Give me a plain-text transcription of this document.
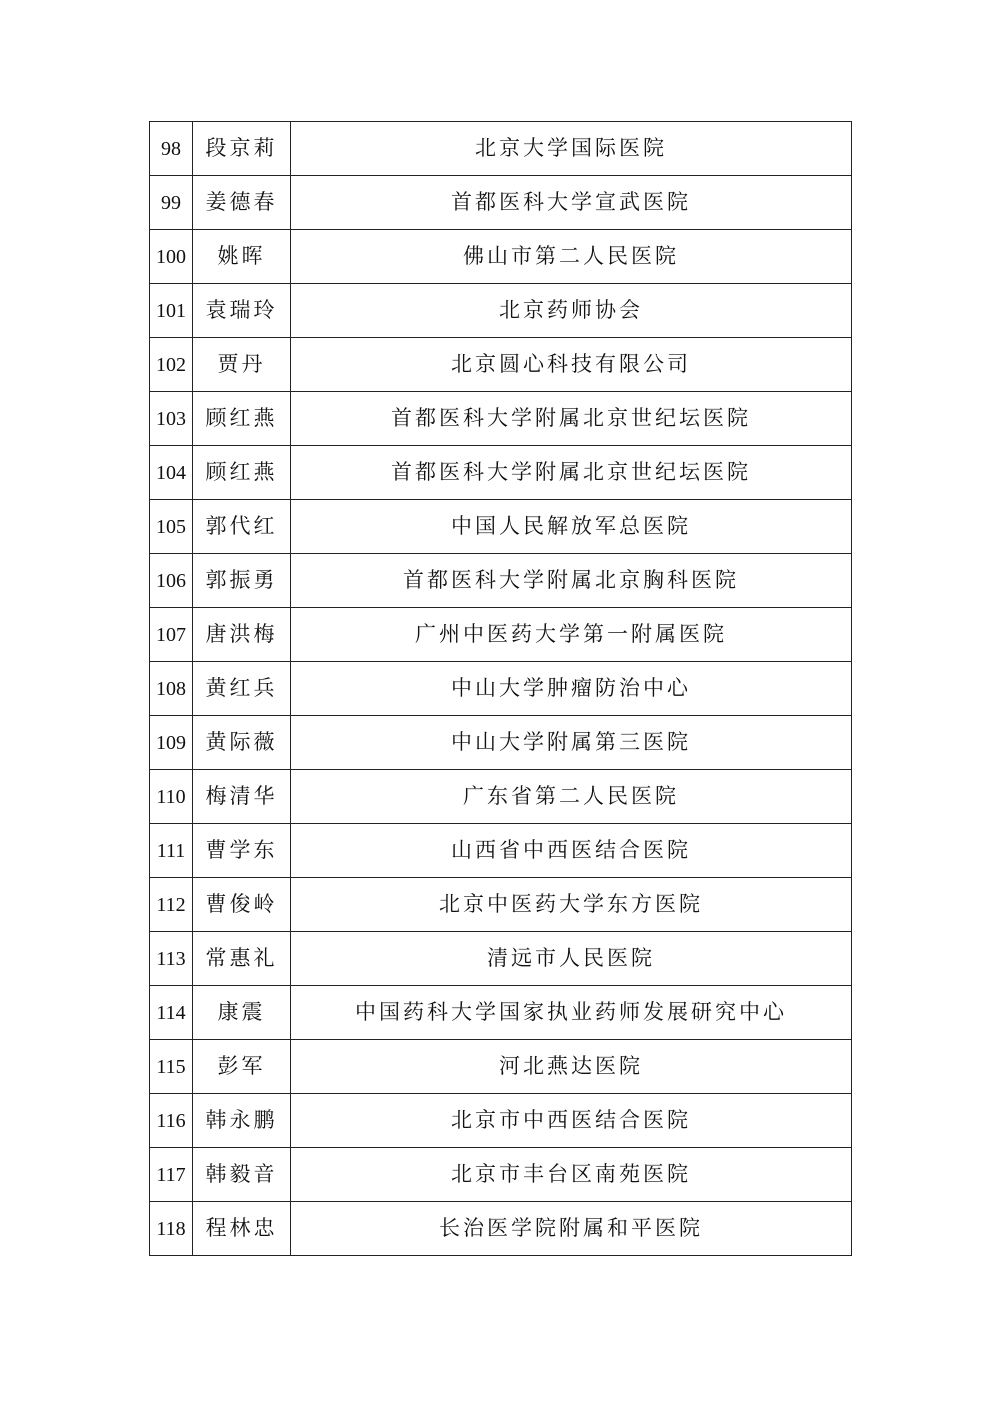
98	段京莉	北京大学国际医院
99	姜德春	首都医科大学宣武医院
100	姚晖	佛山市第二人民医院
101	袁瑞玲	北京药师协会
102	贾丹	北京圆心科技有限公司
103	顾红燕	首都医科大学附属北京世纪坛医院
104	顾红燕	首都医科大学附属北京世纪坛医院
105	郭代红	中国人民解放军总医院
106	郭振勇	首都医科大学附属北京胸科医院
107	唐洪梅	广州中医药大学第一附属医院
108	黄红兵	中山大学肿瘤防治中心
109	黄际薇	中山大学附属第三医院
110	梅清华	广东省第二人民医院
111	曹学东	山西省中西医结合医院
112	曹俊岭	北京中医药大学东方医院
113	常惠礼	清远市人民医院
114	康震	中国药科大学国家执业药师发展研究中心
115	彭军	河北燕达医院
116	韩永鹏	北京市中西医结合医院
117	韩毅音	北京市丰台区南苑医院
118	程林忠	长治医学院附属和平医院
